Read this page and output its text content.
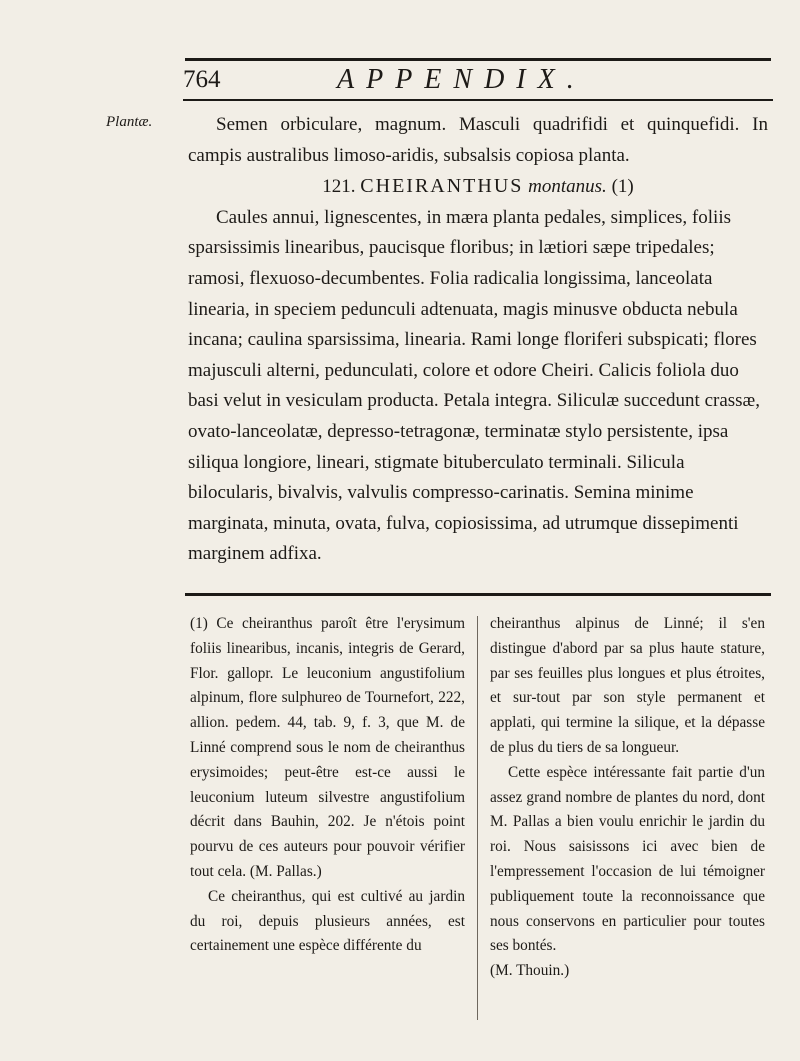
764	APPENDIX.
Plantæ.	Semen orbiculare, magnum. Masculi quadrifidi et quinquefidi. In campis australibus limoso-aridis, subsalsis copiosa planta.

121. CHEIRANTHUS montanus. (1)

Caules annui, lignescentes, in mæra planta pedales, simplices, foliis sparsissimis linearibus, paucisque floribus; in lætiori sæpe tripedales; ramosi, flexuoso-decumbentes. Folia radicalia longissima, lanceolata linearia, in speciem pedunculi adtenuata, magis minusve obducta nebula incana; caulina sparsissima, linearia. Rami longe floriferi subspicati; flores majusculi alterni, pedunculati, colore et odore Cheiri. Calicis foliola duo basi velut in vesiculam producta. Petala integra. Siliculæ succedunt crassæ, ovato-lanceolatæ, depresso-tetragonæ, terminatæ stylo persistente, ipsa siliqua longiore, lineari, stigmate bituberculato terminali. Silicula bilocularis, bivalvis, valvulis compresso-carinatis. Semina minime marginata, minuta, ovata, fulva, copiosissima, ad utrumque dissepimenti marginem adfixa.

(1) Ce cheiranthus paroît être l'erysimum foliis linearibus, incanis, integris de Gerard, Flor. gallopr. Le leuconium angustifolium alpinum, flore sulphureo de Tournefort, 222, allion. pedem. 44, tab. 9, f. 3, que M. de Linné comprend sous le nom de cheiranthus erysimoides; peut-être est-ce aussi le leuconium luteum silvestre angustifolium décrit dans Bauhin, 202. Je n'étois point pourvu de ces auteurs pour pouvoir vérifier tout cela. (M. Pallas.)

Ce cheiranthus, qui est cultivé au jardin du roi, depuis plusieurs années, est certainement une espèce différente du

cheiranthus alpinus de Linné; il s'en distingue d'abord par sa plus haute stature, par ses feuilles plus longues et plus étroites, et sur-tout par son style permanent et applati, qui termine la silique, et la dépasse de plus du tiers de sa longueur.

Cette espèce intéressante fait partie d'un assez grand nombre de plantes du nord, dont M. Pallas a bien voulu enrichir le jardin du roi. Nous saisissons ici avec bien de l'empressement l'occasion de lui témoigner publiquement toute la reconnoissance que nous conservons en particulier pour toutes ses bontés.

(M. Thouin.)
